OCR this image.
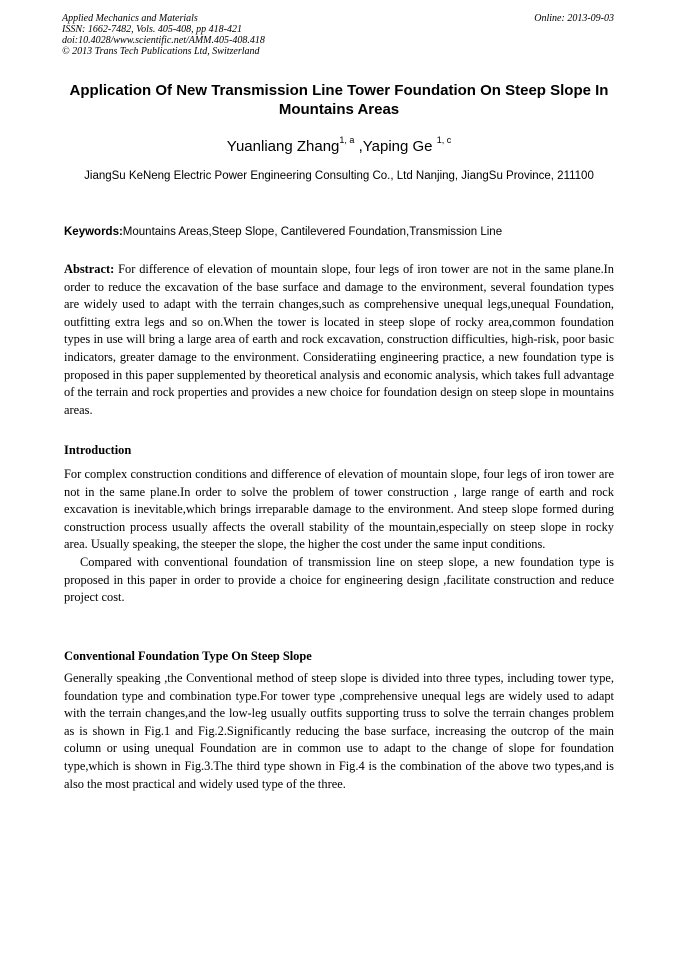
Applied Mechanics and Materials
ISSN: 1662-7482, Vols. 405-408, pp 418-421
doi:10.4028/www.scientific.net/AMM.405-408.418
© 2013 Trans Tech Publications Ltd, Switzerland
Online: 2013-09-03
Application Of New Transmission Line Tower Foundation On Steep Slope In Mountains Areas
Yuanliang Zhang$^{1, a}$ ,Yaping Ge $^{1, c}$
JiangSu KeNeng Electric Power Engineering Consulting Co., Ltd Nanjing, JiangSu Province, 211100
Keywords:Mountains Areas,Steep Slope, Cantilevered Foundation,Transmission Line
Abstract: For difference of elevation of mountain slope, four legs of iron tower are not in the same plane.In order to reduce the excavation of the base surface and damage to the environment, several foundation types are widely used to adapt with the terrain changes,such as comprehensive unequal legs,unequal Foundation, outfitting extra legs and so on.When the tower is located in steep slope of rocky area,common foundation types in use will bring a large area of earth and rock excavation, construction difficulties, high-risk, poor basic indicators, greater damage to the environment. Consideratiing engineering practice, a new foundation type is proposed in this paper supplemented by theoretical analysis and economic analysis, which takes full advantage of the terrain and rock properties and provides a new choice for foundation design on steep slope in mountains areas.
Introduction

For complex construction conditions and difference of elevation of mountain slope, four legs of iron tower are not in the same plane.In order to solve the problem of tower construction , large range of earth and rock excavation is inevitable,which brings irreparable damage to the environment. And steep slope formed during construction process usually affects the overall stability of the mountain,especially on steep slope in rocky area. Usually speaking, the steeper the slope, the higher the cost under the same input conditions.

Compared with conventional foundation of transmission line on steep slope, a new foundation type is proposed in this paper in order to provide a choice for engineering design ,facilitate construction and reduce project cost.

Conventional Foundation Type On Steep Slope

Generally speaking ,the Conventional method of steep slope is divided into three types, including tower type, foundation type and combination type.For tower type ,comprehensive unequal legs are widely used to adapt with the terrain changes,and the low-leg usually outfits supporting truss to solve the terrain changes problem as is shown in Fig.1 and Fig.2.Significantly reducing the base surface, increasing the outcrop of the main column or using unequal Foundation are in common use to adapt to the change of slope for foundation type,which is shown in Fig.3.The third type shown in Fig.4 is the combination of the above two types,and is also the most practical and widely used type of the three.
